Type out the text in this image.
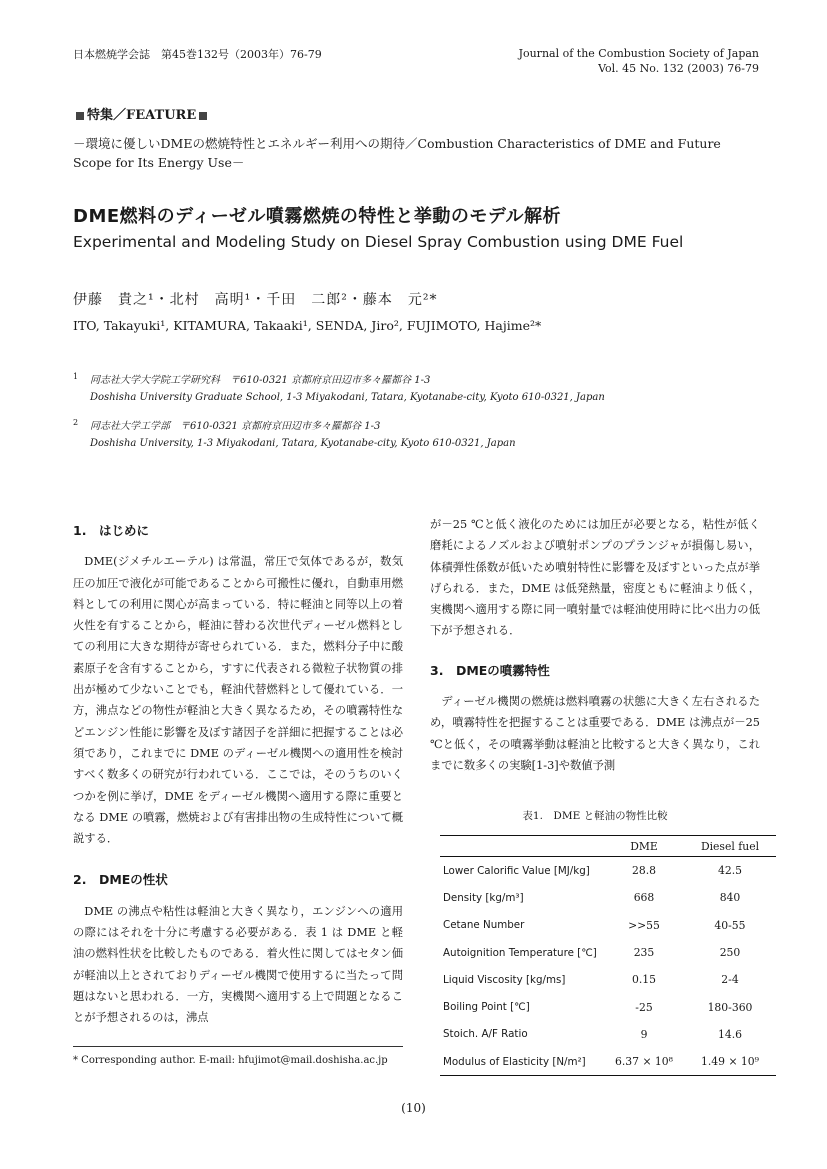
日本燃焼学会誌　第45巻132号（2003年）76-79	Journal of the Combustion Society of Japan
Vol. 45 No. 132 (2003) 76-79
特集／FEATURE
－環境に優しいDMEの燃焼特性とエネルギー利用への期待／Combustion Characteristics of DME and Future Scope for Its Energy Use－
DME燃料のディーゼル噴霧燃焼の特性と挙動のモデル解析
Experimental and Modeling Study on Diesel Spray Combustion using DME Fuel
伊藤　貴之¹・北村　高明¹・千田　二郎²・藤本　元²*
ITO, Takayuki¹, KITAMURA, Takaaki¹, SENDA, Jiro², FUJIMOTO, Hajime²*
1	同志社大学大学院工学研究科　〒610-0321 京都府京田辺市多々羅都谷 1-3
Doshisha University Graduate School, 1-3 Miyakodani, Tatara, Kyotanabe-city, Kyoto 610-0321, Japan
2	同志社大学工学部　〒610-0321 京都府京田辺市多々羅都谷 1-3
Doshisha University, 1-3 Miyakodani, Tatara, Kyotanabe-city, Kyoto 610-0321, Japan
1.　はじめに
DME(ジメチルエーテル) は常温，常圧で気体であるが，数気圧の加圧で液化が可能であることから可搬性に優れ，自動車用燃料としての利用に関心が高まっている．特に軽油と同等以上の着火性を有することから，軽油に替わる次世代ディーゼル燃料としての利用に大きな期待が寄せられている．また，燃料分子中に酸素原子を含有することから，すすに代表される微粒子状物質の排出が極めて少ないことでも，軽油代替燃料として優れている．一方，沸点などの物性が軽油と大きく異なるため，その噴霧特性などエンジン性能に影響を及ぼす諸因子を詳細に把握することは必須であり，これまでに DME のディーゼル機関への適用性を検討すべく数多くの研究が行われている．ここでは，そのうちのいくつかを例に挙げ，DME をディーゼル機関へ適用する際に重要となる DME の噴霧，燃焼および有害排出物の生成特性について概説する．
2.　DMEの性状
DME の沸点や粘性は軽油と大きく異なり，エンジンへの適用の際にはそれを十分に考慮する必要がある．表 1 は DME と軽油の燃料性状を比較したものである．着火性に関してはセタン価が軽油以上とされておりディーゼル機関で使用するに当たって問題はないと思われる．一方，実機関へ適用する上で問題となることが予想されるのは，沸点
が－25 ℃と低く液化のためには加圧が必要となる，粘性が低く磨耗によるノズルおよび噴射ポンプのプランジャが損傷し易い，体積弾性係数が低いため噴射特性に影響を及ぼすといった点が挙げられる．また，DME は低発熱量，密度ともに軽油より低く，実機関へ適用する際に同一噴射量では軽油使用時に比べ出力の低下が予想される．
3.　DMEの噴霧特性
ディーゼル機関の燃焼は燃料噴霧の状態に大きく左右されるため，噴霧特性を把握することは重要である．DME は沸点が－25 ℃と低く，その噴霧挙動は軽油と比較すると大きく異なり，これまでに数多くの実験[1-3]や数値予測
表1.　DME と軽油の物性比較
	DME	Diesel fuel
Lower Calorific Value [MJ/kg]	28.8	42.5
Density [kg/m³]	668	840
Cetane Number	>>55	40-55
Autoignition Temperature [℃]	235	250
Liquid Viscosity [kg/ms]	0.15	2-4
Boiling Point [℃]	-25	180-360
Stoich. A/F Ratio	9	14.6
Modulus of Elasticity [N/m²]	6.37 × 10⁸	1.49 × 10⁹
* Corresponding author. E-mail: hfujimot@mail.doshisha.ac.jp
(10)
